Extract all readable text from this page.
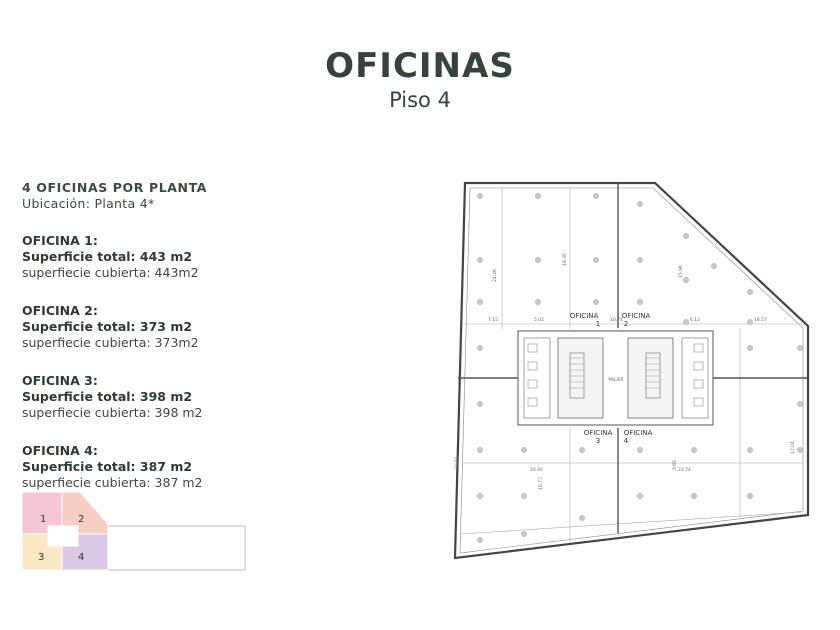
OFICINAS
Piso 4
4 OFICINAS POR PLANTA
Ubicación: Planta 4*
OFICINA 1:
Superficie total: 443 m2
superfiecie cubierta: 443m2
OFICINA 2:
Superficie total: 373 m2
superfiecie cubierta: 373m2
OFICINA 3:
Superficie total: 398 m2
superfiecie cubierta: 398 m2
OFICINA 4:
Superficie total: 387 m2
superfiecie cubierta: 387 m2
1	2
3	4
OFICINA
1
OFICINA
2
OFICINA
3
OFICINA
4
PALIER
7.15	5.02	10.74	6.12	16.57
24.46
19.30
15.96
20.40	23.74
32.22
16.77
5.65
17.04
